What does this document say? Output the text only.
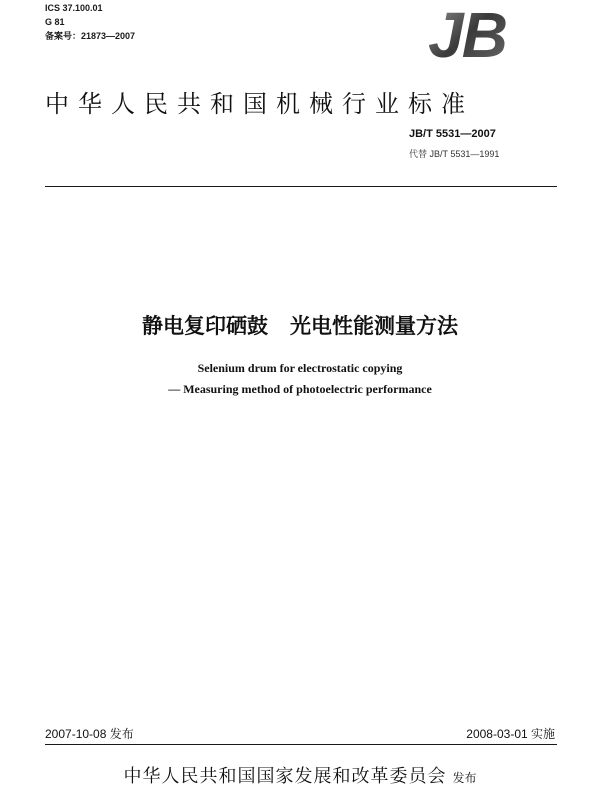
ICS 37.100.01
G 81
备案号：21873—2007	JB
中华人民共和国机械行业标准
JB/T 5531—2007
代替 JB/T 5531—1991
静电复印硒鼓 光电性能测量方法
Selenium drum for electrostatic copying
— Measuring method of photoelectric performance
2007-10-08 发布	2008-03-01 实施
中华人民共和国国家发展和改革委员会 发布
